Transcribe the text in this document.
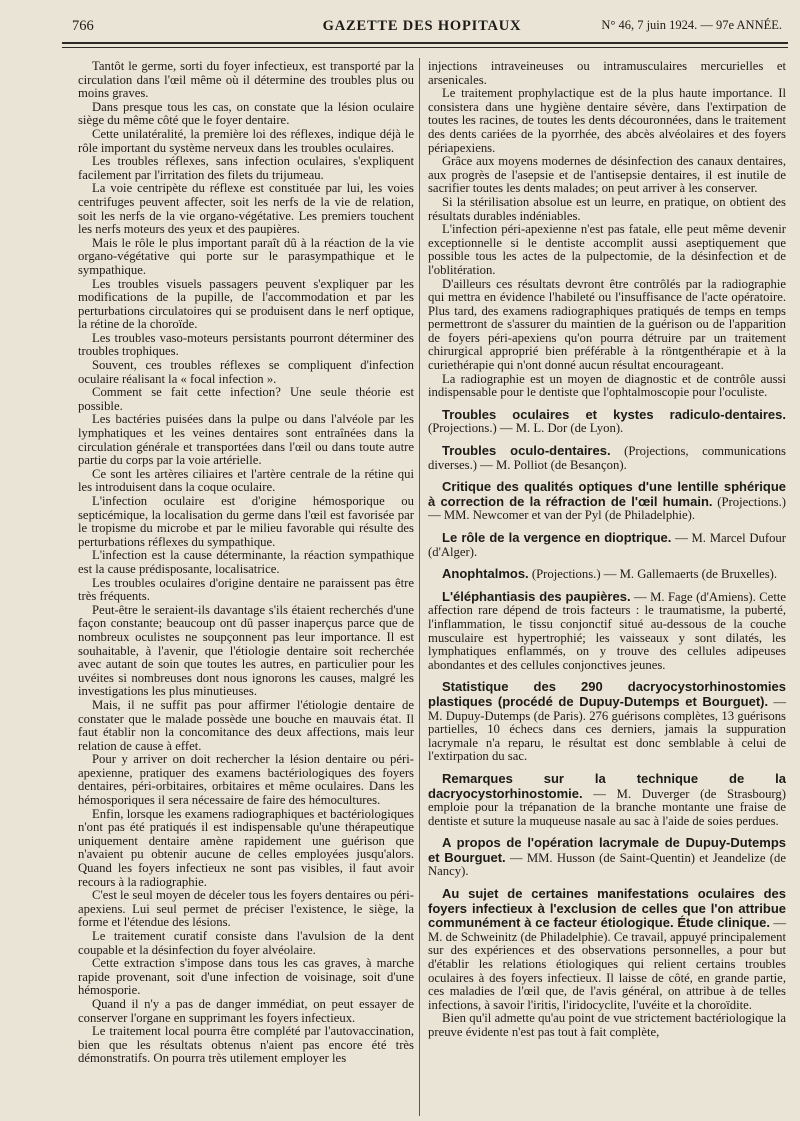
766	GAZETTE DES HOPITAUX	N° 46, 7 juin 1924. — 97e ANNÉE.

Tantôt le germe, sorti du foyer infectieux, est transporté par la circulation dans l'œil même où il détermine des troubles plus ou moins graves.

Dans presque tous les cas, on constate que la lésion oculaire siège du même côté que le foyer dentaire.

Cette unilatéralité, la première loi des réflexes, indique déjà le rôle important du système nerveux dans les troubles oculaires.

Les troubles réflexes, sans infection oculaires, s'expliquent facilement par l'irritation des filets du trijumeau.

La voie centripète du réflexe est constituée par lui, les voies centrifuges peuvent affecter, soit les nerfs de la vie de relation, soit les nerfs de la vie organo-végétative. Les premiers touchent les nerfs moteurs des yeux et des paupières.

Mais le rôle le plus important paraît dû à la réaction de la vie organo-végétative qui porte sur le parasympathique et le sympathique.

Les troubles visuels passagers peuvent s'expliquer par les modifications de la pupille, de l'accommodation et par les perturbations circulatoires qui se produisent dans le nerf optique, la rétine de la choroïde.

Les troubles vaso-moteurs persistants pourront déterminer des troubles trophiques.

Souvent, ces troubles réflexes se compliquent d'infection oculaire réalisant la « focal infection ».

Comment se fait cette infection? Une seule théorie est possible.

Les bactéries puisées dans la pulpe ou dans l'alvéole par les lymphatiques et les veines dentaires sont entraînées dans la circulation générale et transportées dans l'œil ou dans toute autre partie du corps par la voie artérielle.

Ce sont les artères ciliaires et l'artère centrale de la rétine qui les introduisent dans la coque oculaire.

L'infection oculaire est d'origine hémosporique ou septicémique, la localisation du germe dans l'œil est favorisée par le tropisme du microbe et par le milieu favorable qui résulte des perturbations réflexes du sympathique.

L'infection est la cause déterminante, la réaction sympathique est la cause prédisposante, localisatrice.

Les troubles oculaires d'origine dentaire ne paraissent pas être très fréquents.

Peut-être le seraient-ils davantage s'ils étaient recherchés d'une façon constante; beaucoup ont dû passer inaperçus parce que de nombreux oculistes ne soupçonnent pas leur importance. Il est souhaitable, à l'avenir, que l'étiologie dentaire soit recherchée avec autant de soin que toutes les autres, en particulier pour les uvéites si nombreuses dont nous ignorons les causes, malgré les investigations les plus minutieuses.

Mais, il ne suffit pas pour affirmer l'étiologie dentaire de constater que le malade possède une bouche en mauvais état. Il faut établir non la concomitance des deux affections, mais leur relation de cause à effet.

Pour y arriver on doit rechercher la lésion dentaire ou péri-apexienne, pratiquer des examens bactériologiques des foyers dentaires, péri-orbitaires, orbitaires et même oculaires. Dans les hémosporiques il sera nécessaire de faire des hémocultures.

Enfin, lorsque les examens radiographiques et bactériologiques n'ont pas été pratiqués il est indispensable qu'une thérapeutique uniquement dentaire amène rapidement une guérison que n'avaient pu obtenir aucune de celles employées jusqu'alors. Quand les foyers infectieux ne sont pas visibles, il faut avoir recours à la radiographie.

C'est le seul moyen de déceler tous les foyers dentaires ou péri-apexiens. Lui seul permet de préciser l'existence, le siège, la forme et l'étendue des lésions.

Le traitement curatif consiste dans l'avulsion de la dent coupable et la désinfection du foyer alvéolaire.

Cette extraction s'impose dans tous les cas graves, à marche rapide provenant, soit d'une infection de voisinage, soit d'une hémosporie.

Quand il n'y a pas de danger immédiat, on peut essayer de conserver l'organe en supprimant les foyers infectieux.

Le traitement local pourra être complété par l'autovaccination, bien que les résultats obtenus n'aient pas encore été très démonstratifs. On pourra très utilement employer les

injections intraveineuses ou intramusculaires mercurielles et arsenicales.

Le traitement prophylactique est de la plus haute importance. Il consistera dans une hygiène dentaire sévère, dans l'extirpation de toutes les racines, de toutes les dents découronnées, dans le traitement des dents cariées de la pyorrhée, des abcès alvéolaires et des foyers périapexiens.

Grâce aux moyens modernes de désinfection des canaux dentaires, aux progrès de l'asepsie et de l'antisepsie dentaires, il est inutile de sacrifier toutes les dents malades; on peut arriver à les conserver.

Si la stérilisation absolue est un leurre, en pratique, on obtient des résultats durables indéniables.

L'infection péri-apexienne n'est pas fatale, elle peut même devenir exceptionnelle si le dentiste accomplit aussi aseptiquement que possible tous les actes de la pulpectomie, de la désinfection et de l'oblitération.

D'ailleurs ces résultats devront être contrôlés par la radiographie qui mettra en évidence l'habileté ou l'insuffisance de l'acte opératoire. Plus tard, des examens radiographiques pratiqués de temps en temps permettront de s'assurer du maintien de la guérison ou de l'apparition de foyers péri-apexiens qu'on pourra détruire par un traitement chirurgical approprié bien préférable à la röntgenthérapie et à la curiethérapie qui n'ont donné aucun résultat encourageant.

La radiographie est un moyen de diagnostic et de contrôle aussi indispensable pour le dentiste que l'ophtalmoscopie pour l'oculiste.

Troubles oculaires et kystes radiculo-dentaires. (Projections.) — M. L. Dor (de Lyon).

Troubles oculo-dentaires. (Projections, communications diverses.) — M. Polliot (de Besançon).

Critique des qualités optiques d'une lentille sphérique à correction de la réfraction de l'œil humain. (Projections.) — MM. Newcomer et van der Pyl (de Philadelphie).

Le rôle de la vergence en dioptrique. — M. Marcel Dufour (d'Alger).

Anophtalmos. (Projections.) — M. Gallemaerts (de Bruxelles).

L'éléphantiasis des paupières. — M. Fage (d'Amiens). Cette affection rare dépend de trois facteurs : le traumatisme, la puberté, l'inflammation, le tissu conjonctif situé au-dessous de la couche musculaire est hypertrophié; les vaisseaux y sont dilatés, les lymphatiques enflammés, on y trouve des cellules adipeuses abondantes et des cellules conjonctives jeunes.

Statistique des 290 dacryocystorhinostomies plastiques (procédé de Dupuy-Dutemps et Bourguet). — M. Dupuy-Dutemps (de Paris). 276 guérisons complètes, 13 guérisons partielles, 10 échecs dans ces derniers, jamais la suppuration lacrymale n'a reparu, le résultat est donc semblable à celui de l'extirpation du sac.

Remarques sur la technique de la dacryocystorhinostomie. — M. Duverger (de Strasbourg) emploie pour la trépanation de la branche montante une fraise de dentiste et suture la muqueuse nasale au sac à l'aide de soies perdues.

A propos de l'opération lacrymale de Dupuy-Dutemps et Bourguet. — MM. Husson (de Saint-Quentin) et Jeandelize (de Nancy).

Au sujet de certaines manifestations oculaires des foyers infectieux à l'exclusion de celles que l'on attribue communément à ce facteur étiologique. Étude clinique. — M. de Schweinitz (de Philadelphie). Ce travail, appuyé principalement sur des expériences et des observations personnelles, a pour but d'établir les relations étiologiques qui relient certains troubles oculaires à des foyers infectieux. Il laisse de côté, en grande partie, ces maladies de l'œil que, de l'avis général, on attribue à de telles infections, à savoir l'iritis, l'iridocyclite, l'uvéite et la choroïdite.

Bien qu'il admette qu'au point de vue strictement bactériologique la preuve évidente n'est pas tout à fait complète,
